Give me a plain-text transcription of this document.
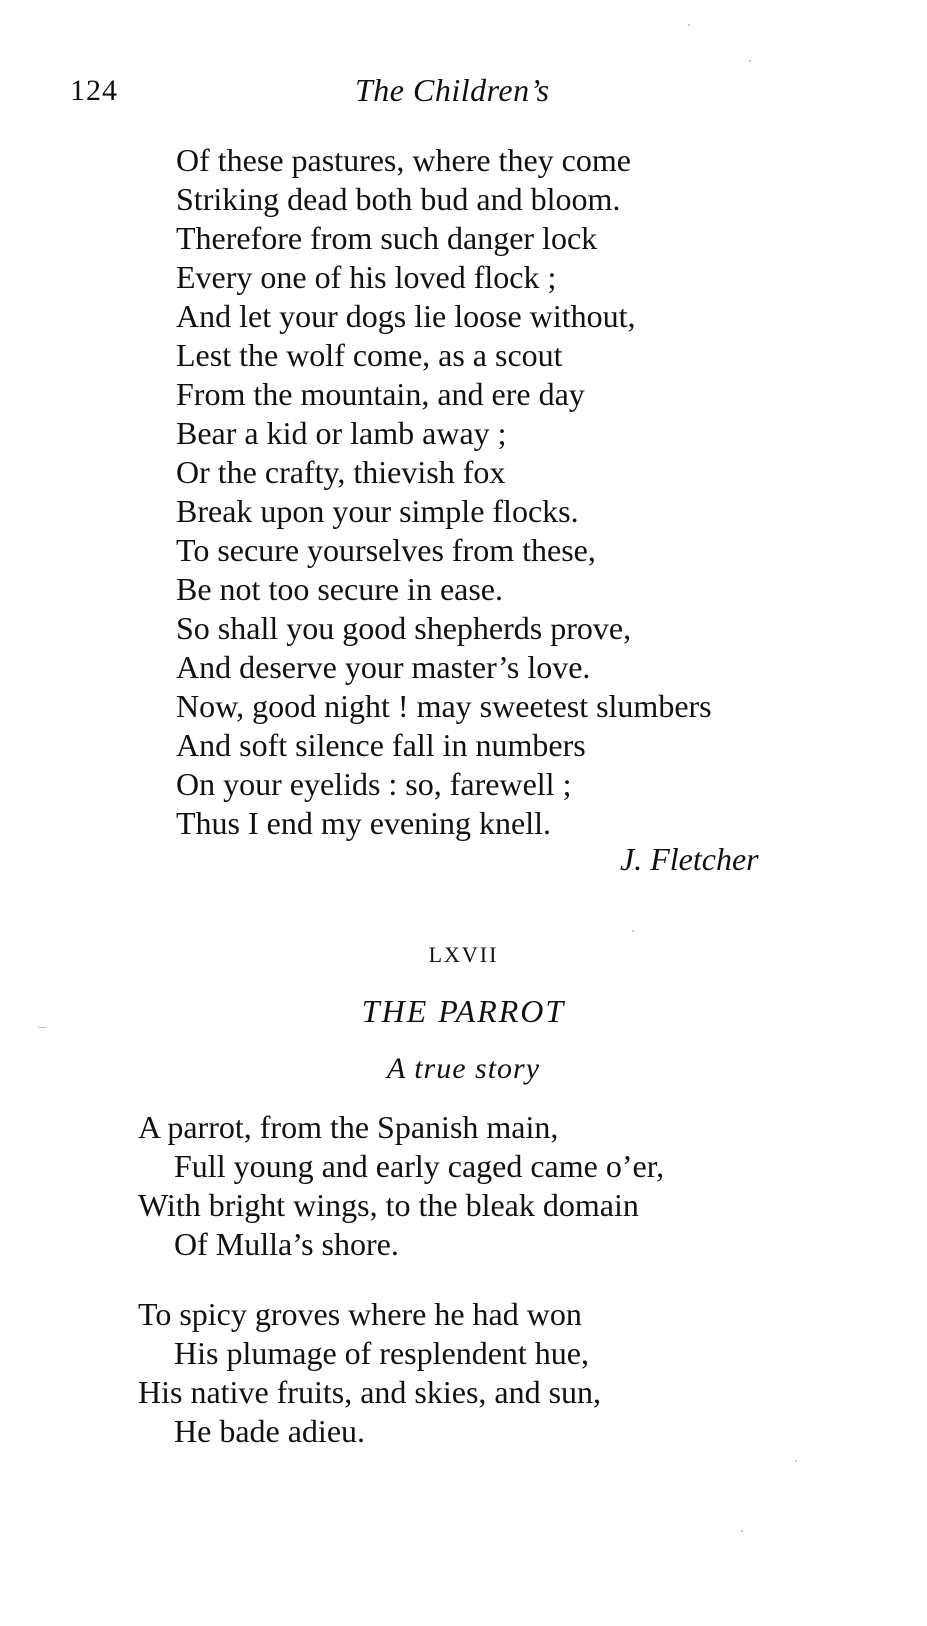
124	The Children’s
Of these pastures, where they come
Striking dead both bud and bloom.
Therefore from such danger lock
Every one of his loved flock ;
And let your dogs lie loose without,
Lest the wolf come, as a scout
From the mountain, and ere day
Bear a kid or lamb away ;
Or the crafty, thievish fox
Break upon your simple flocks.
To secure yourselves from these,
Be not too secure in ease.
So shall you good shepherds prove,
And deserve your master’s love.
Now, good night ! may sweetest slumbers
And soft silence fall in numbers
On your eyelids : so, farewell ;
Thus I end my evening knell.
J. Fletcher
LXVII
THE PARROT
A true story
A parrot, from the Spanish main,
Full young and early caged came o’er,
With bright wings, to the bleak domain
Of Mulla’s shore.
To spicy groves where he had won
His plumage of resplendent hue,
His native fruits, and skies, and sun,
He bade adieu.
